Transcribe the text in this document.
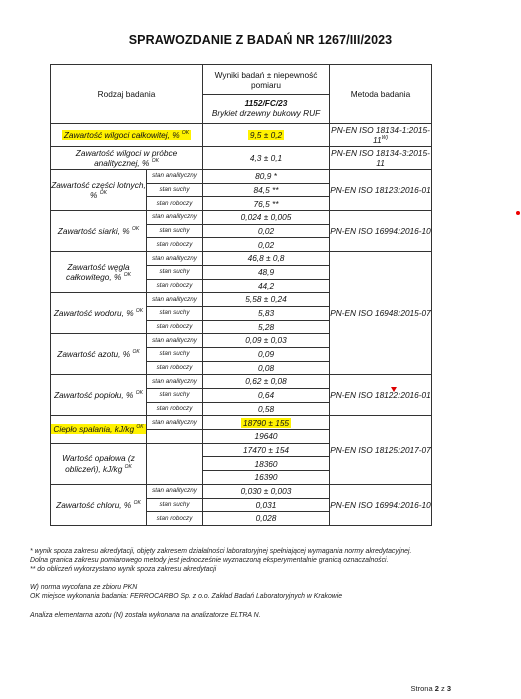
SPRAWOZDANIE Z BADAŃ NR 1267/III/2023
Rodzaj badania		Wyniki badań ± niepewność pomiaru
1152/FC/23
Brykiet drzewny bukowy RUF	Metoda badania
Zawartość wilgoci całkowitej, % $^{OK}$		9,5 ± 0,2	PN-EN ISO $18134-1:2015-11^{W)}$
Zawartość wilgoci w próbce analitycznej, % $^{OK}$		4,3 ± 0,1	PN-EN ISO 18134-3:2015-11
Zawartość części lotnych, % $^{OK}$	stan analityczny	80,9 *	PN-EN ISO 18123:2016-01
	stan suchy	84,5 **	
	stan roboczy	76,5 **	
Zawartość siarki, % $^{OK}$	stan analityczny	0,024 ± 0,005	PN-EN ISO 16994:2016-10
	stan suchy	0,02	
	stan roboczy	0,02	
Zawartość węgla całkowitego, % $^{OK}$	stan analityczny	46,8 ± 0,8	PN-EN ISO 16948:2015-07
	stan suchy	48,9	
	stan roboczy	44,2	
Zawartość wodoru, % $^{OK}$	stan analityczny	5,58 ± 0,24	
	stan suchy	5,83	
	stan roboczy	5,28	
Zawartość azotu, % $^{OK}$	stan analityczny	0,09 ± 0,03	
	stan suchy	0,09	
	stan roboczy	0,08	
Zawartość popiołu, % $^{OK}$	stan analityczny	0,62 ± 0,08	PN-EN ISO 18122:2016-01
	stan suchy	0,64	
	stan roboczy	0,58	
Ciepło spalania, kJ/kg $^{OK}$	stan analityczny	18790 ± 155	PN-EN ISO 18125:2017-07
		19640	
Wartość opałowa (z obliczeń), kJ/kg $^{OK}$		17470 ± 154	
		18360	
		16390	
Zawartość chloru, % $^{OK}$	stan analityczny	0,030 ± 0,003	PN-EN ISO 16994:2016-10
	stan suchy	0,031	
	stan roboczy	0,028	

* wynik spoza zakresu akredytacji, objęty zakresem działalności laboratoryjnej spełniającej wymagania normy akredytacyjnej.

Dolna granica zakresu pomiarowego metody jest jednocześnie wyznaczoną eksperymentalnie granicą oznaczalności.

** do obliczeń wykorzystano wynik spoza zakresu akredytacji

W) norma wycofana ze zbioru PKN

OK miejsce wykonania badania: FERROCARBO Sp. z o.o. Zakład Badań Laboratoryjnych w Krakowie

Analiza elementarna azotu (N) została wykonana na analizatorze ELTRA N.

Strona 2 z 3
